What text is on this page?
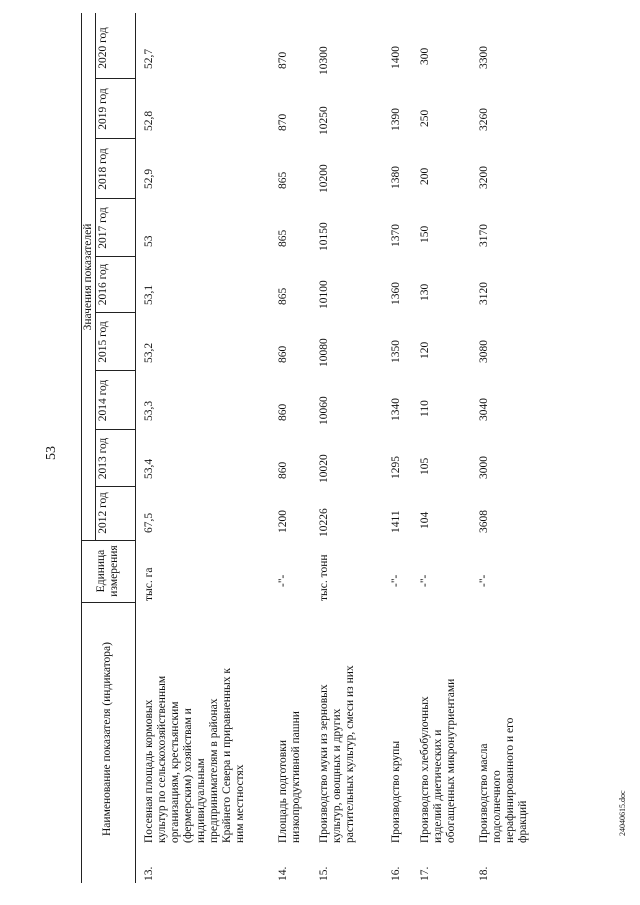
53
24040615.doc
Наименование показателя (индикатора)
Единица измерения
Значения показателей
2012 год
2013 год
2014 год
2015 год
2016 год
2017 год
2018 год
2019 год
2020 год
13.
Посевная площадь кормовых культур по сельскохозяйственным организациям, крестьянским (фермерским) хозяйствам и индивидуальным предпринимателям в районах Крайнего Севера и приравненных к ним местностях
тыс. га
67,5
53,4
53,3
53,2
53,1
53
52,9
52,8
52,7
14.
Площадь подготовки низкопродуктивной пашни
-"-
1200
860
860
860
865
865
865
870
870
15.
Производство муки из зерновых культур, овощных и других растительных культур, смеси из них
тыс. тонн
10226
10020
10060
10080
10100
10150
10200
10250
10300
16.
Производство крупы
-"-
1411
1295
1340
1350
1360
1370
1380
1390
1400
17.
Производство хлебобулочных изделий диетических и обогащенных микронутриентами
-"-
104
105
110
120
130
150
200
250
300
18.
Производство масла подсолнечного нерафинированного и его фракций
-"-
3608
3000
3040
3080
3120
3170
3200
3260
3300
